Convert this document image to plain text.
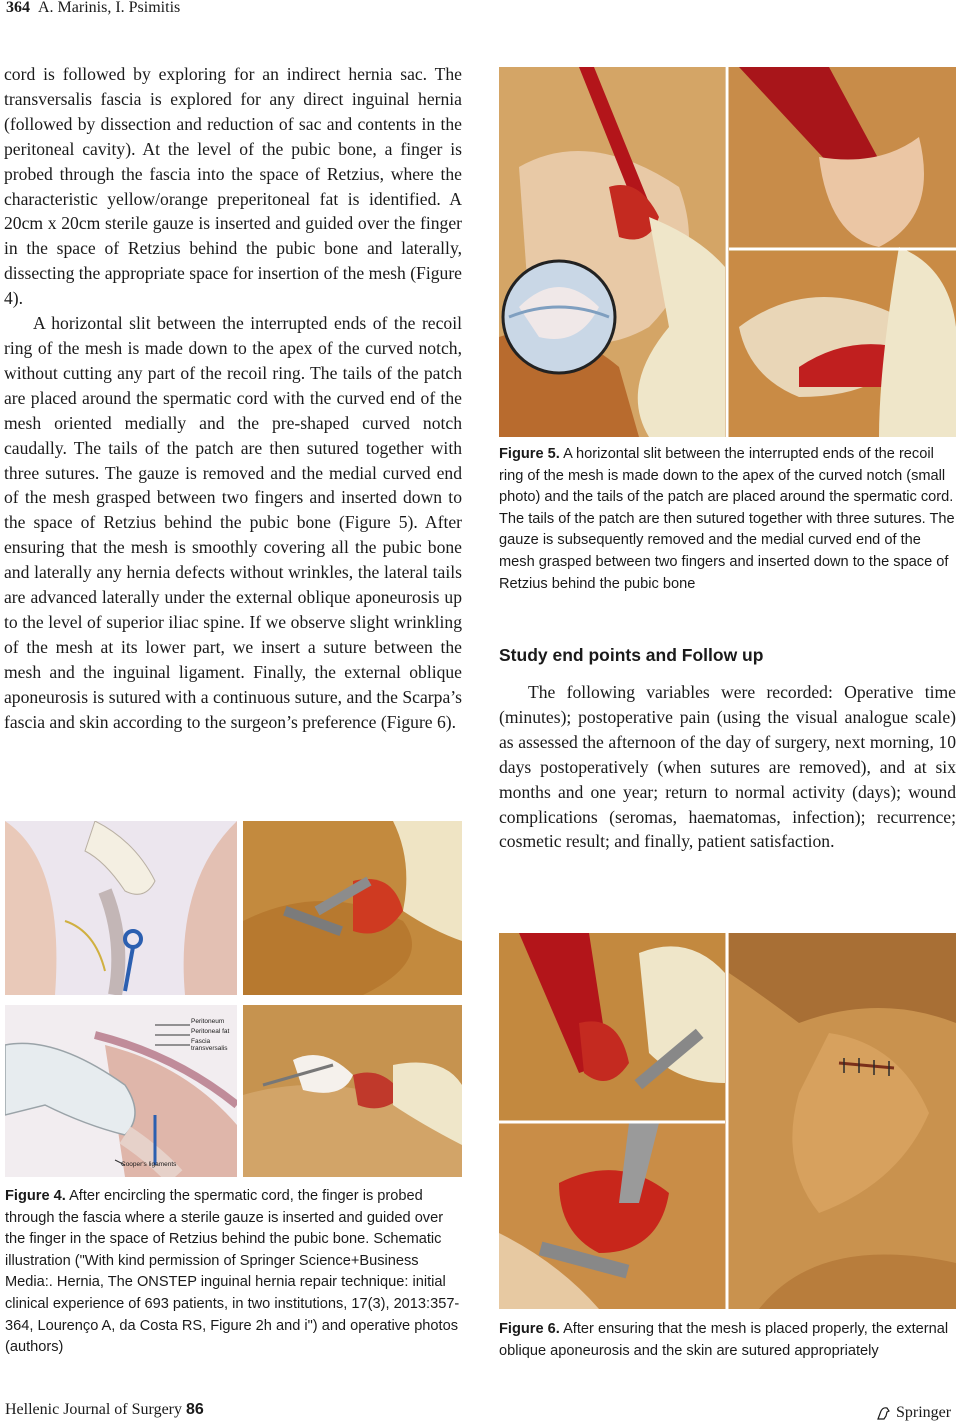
364 A. Marinis, I. Psimitis

cord is followed by exploring for an indirect hernia sac. The transversalis fascia is explored for any direct inguinal hernia (followed by dissection and reduction of sac and contents in the peritoneal cavity). At the level of the pubic bone, a finger is probed through the fascia into the space of Retzius, where the characteristic yellow/orange preperitoneal fat is identified. A 20cm x 20cm sterile gauze is inserted and guided over the finger in the space of Retzius behind the pubic bone and laterally, dissecting the appropriate space for insertion of the mesh (Figure 4).

A horizontal slit between the interrupted ends of the recoil ring of the mesh is made down to the apex of the curved notch, without cutting any part of the recoil ring. The tails of the patch are placed around the spermatic cord with the curved end of the mesh oriented medially and the pre-shaped curved notch caudally. The tails of the patch are then sutured together with three sutures. The gauze is removed and the medial curved end of the mesh grasped between two fingers and inserted down to the space of Retzius behind the pubic bone (Figure 5). After ensuring that the mesh is smoothly covering all the pubic bone and laterally any hernia defects without wrinkles, the lateral tails are advanced laterally under the external oblique aponeurosis up to the level of superior iliac spine. If we observe slight wrinkling of the mesh at its lower part, we insert a suture between the mesh and the inguinal ligament. Finally, the external oblique aponeurosis is sutured with a continuous suture, and the Scarpa’s fascia and skin according to the surgeon’s preference (Figure 6).

Figure 5. A horizontal slit between the interrupted ends of the recoil ring of the mesh is made down to the apex of the curved notch (small photo) and the tails of the patch are placed around the spermatic cord. The tails of the patch are then sutured together with three sutures. The gauze is subsequently removed and the medial curved end of the mesh grasped between two fingers and inserted down to the space of Retzius behind the pubic bone
Study end points and Follow up

The following variables were recorded: Operative time (minutes); postoperative pain (using the visual analogue scale) as assessed the afternoon of the day of surgery, next morning, 10 days postoperatively (when sutures are removed), and at six months and one year; return to normal activity (days); wound complications (seromas, haematomas, infection); recurrence; cosmetic result; and finally, patient satisfaction.

Peritoneum
Peritoneal fat
Fascia transversalis
Cooper's ligaments
Figure 4. After encircling the spermatic cord, the finger is probed through the fascia where a sterile gauze is inserted and guided over the finger in the space of Retzius behind the pubic bone. Schematic illustration ("With kind permission of Springer Science+Business Media:. Hernia, The ONSTEP inguinal hernia repair technique: initial clinical experience of 693 patients, in two institutions, 17(3), 2013:357-364, Lourenço A, da Costa RS, Figure 2h and i") and operative photos (authors)
Figure 6. After ensuring that the mesh is placed properly, the external oblique aponeurosis and the skin are sutured appropriately
Hellenic Journal of Surgery 86	Springer
